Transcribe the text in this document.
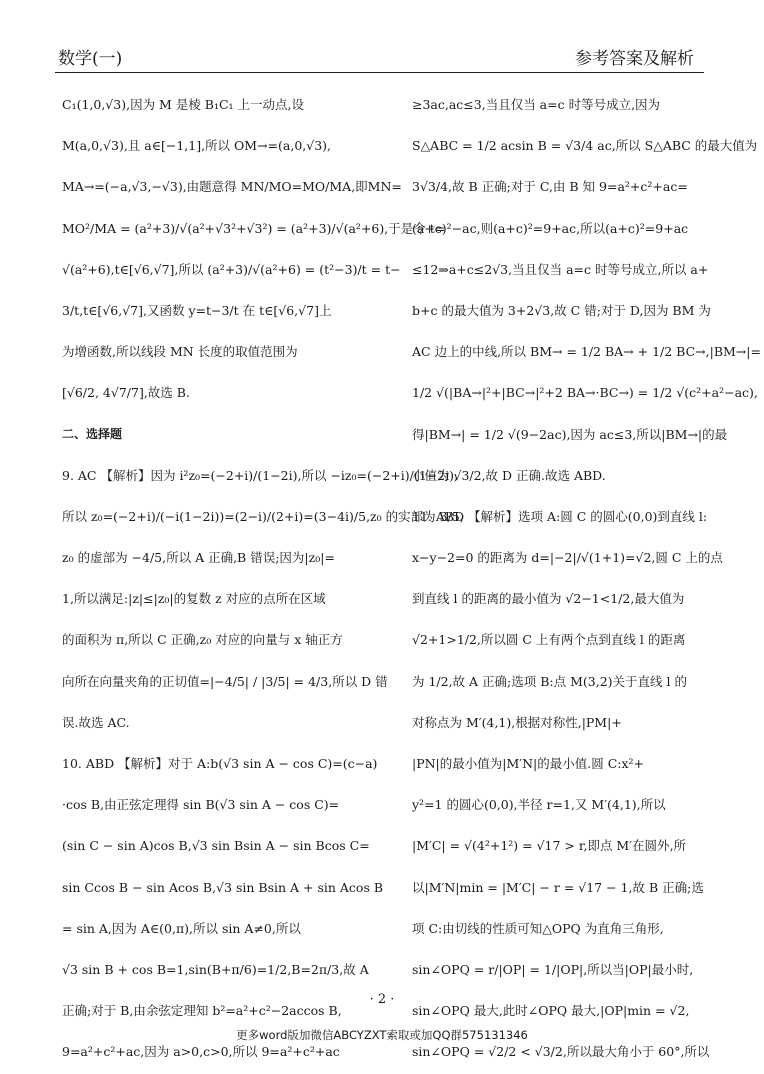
数学(一)	参考答案及解析
C₁(1,0,√3),因为 M 是棱 B₁C₁ 上一动点,设
M(a,0,√3),且 a∈[−1,1],所以 OM→=(a,0,√3),
MA→=(−a,√3,−√3),由题意得 MN/MO=MO/MA,即MN=
MO²/MA = (a²+3)/√(a²+√3²+√3²) = (a²+3)/√(a²+6),于是令 t=
√(a²+6),t∈[√6,√7],所以 (a²+3)/√(a²+6) = (t²−3)/t = t−
3/t,t∈[√6,√7],又函数 y=t−3/t 在 t∈[√6,√7]上
为增函数,所以线段 MN 长度的取值范围为
[√6/2, 4√7/7],故选 B.
二、选择题
9. AC 【解析】因为 i²z₀=(−2+i)/(1−2i),所以 −iz₀=(−2+i)/(1−2i),
所以 z₀=(−2+i)/(−i(1−2i))=(2−i)/(2+i)=(3−4i)/5,z₀ 的实部为 3/5,
z₀ 的虚部为 −4/5,所以 A 正确,B 错误;因为|z₀|=
1,所以满足:|z|≤|z₀|的复数 z 对应的点所在区域
的面积为 π,所以 C 正确,z₀ 对应的向量与 x 轴正方
向所在向量夹角的正切值=|−4/5| / |3/5| = 4/3,所以 D 错
误.故选 AC.
10. ABD 【解析】对于 A:b(√3 sin A − cos C)=(c−a)
·cos B,由正弦定理得 sin B(√3 sin A − cos C)=
(sin C − sin A)cos B,√3 sin Bsin A − sin Bcos C=
sin Ccos B − sin Acos B,√3 sin Bsin A + sin Acos B
= sin A,因为 A∈(0,π),所以 sin A≠0,所以
√3 sin B + cos B=1,sin(B+π/6)=1/2,B=2π/3,故 A
正确;对于 B,由余弦定理知 b²=a²+c²−2accos B,
9=a²+c²+ac,因为 a>0,c>0,所以 9=a²+c²+ac
≥3ac,ac≤3,当且仅当 a=c 时等号成立,因为
S△ABC = 1/2 acsin B = √3/4 ac,所以 S△ABC 的最大值为
3√3/4,故 B 正确;对于 C,由 B 知 9=a²+c²+ac=
(a+c)²−ac,则(a+c)²=9+ac,所以(a+c)²=9+ac
≤12⇒a+c≤2√3,当且仅当 a=c 时等号成立,所以 a+
b+c 的最大值为 3+2√3,故 C 错;对于 D,因为 BM 为
AC 边上的中线,所以 BM→ = 1/2 BA→ + 1/2 BC→,|BM→|=
1/2 √(|BA→|²+|BC→|²+2 BA→·BC→) = 1/2 √(c²+a²−ac),
得|BM→| = 1/2 √(9−2ac),因为 ac≤3,所以|BM→|的最
小值为 √3/2,故 D 正确.故选 ABD.
11. ABD 【解析】选项 A:圆 C 的圆心(0,0)到直线 l:
x−y−2=0 的距离为 d=|−2|/√(1+1)=√2,圆 C 上的点
到直线 l 的距离的最小值为 √2−1<1/2,最大值为
√2+1>1/2,所以圆 C 上有两个点到直线 l 的距离
为 1/2,故 A 正确;选项 B:点 M(3,2)关于直线 l 的
对称点为 M′(4,1),根据对称性,|PM|+
|PN|的最小值为|M′N|的最小值.圆 C:x²+
y²=1 的圆心(0,0),半径 r=1,又 M′(4,1),所以
|M′C| = √(4²+1²) = √17 > r,即点 M′在圆外,所
以|M′N|min = |M′C| − r = √17 − 1,故 B 正确;选
项 C:由切线的性质可知△OPQ 为直角三角形,
sin∠OPQ = r/|OP| = 1/|OP|,所以当|OP|最小时,
sin∠OPQ 最大,此时∠OPQ 最大,|OP|min = √2,
sin∠OPQ = √2/2 < √3/2,所以最大角小于 60°,所以
· 2 ·
更多word版加微信ABCYZXT索取或加QQ群575131346
